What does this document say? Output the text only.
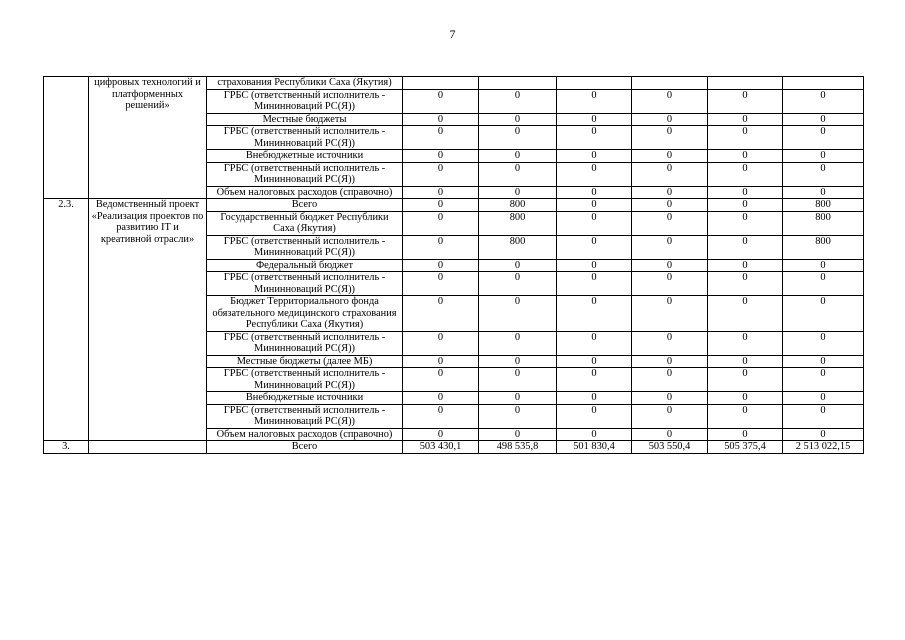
7
	цифровых технологий и платформенных решений»	страхования Республики Саха (Якутия)						
		ГРБС (ответственный исполнитель - Мининноваций РС(Я))	0	0	0	0	0	0
		Местные бюджеты	0	0	0	0	0	0
		ГРБС (ответственный исполнитель - Мининноваций РС(Я))	0	0	0	0	0	0
		Внебюджетные источники	0	0	0	0	0	0
		ГРБС (ответственный исполнитель - Мининноваций РС(Я))	0	0	0	0	0	0
		Объем налоговых расходов (справочно)	0	0	0	0	0	0
2.3.	Ведомственный проект «Реализация проектов по развитию IT и креативной отрасли»	Всего	0	800	0	0	0	800
		Государственный бюджет Республики Саха (Якутия)	0	800	0	0	0	800
		ГРБС (ответственный исполнитель - Мининноваций РС(Я))	0	800	0	0	0	800
		Федеральный бюджет	0	0	0	0	0	0
		ГРБС (ответственный исполнитель - Мининноваций РС(Я))	0	0	0	0	0	0
		Бюджет Территориального фонда обязательного медицинского страхования Республики Саха (Якутия)	0	0	0	0	0	0
		ГРБС (ответственный исполнитель - Мининноваций РС(Я))	0	0	0	0	0	0
		Местные бюджеты (далее МБ)	0	0	0	0	0	0
		ГРБС (ответственный исполнитель - Мининноваций РС(Я))	0	0	0	0	0	0
		Внебюджетные источники	0	0	0	0	0	0
		ГРБС (ответственный исполнитель - Мининноваций РС(Я))	0	0	0	0	0	0
		Объем налоговых расходов (справочно)	0	0	0	0	0	0
3.		Всего	503 430,1	498 535,8	501 830,4	503 550,4	505 375,4	2 513 022,15
